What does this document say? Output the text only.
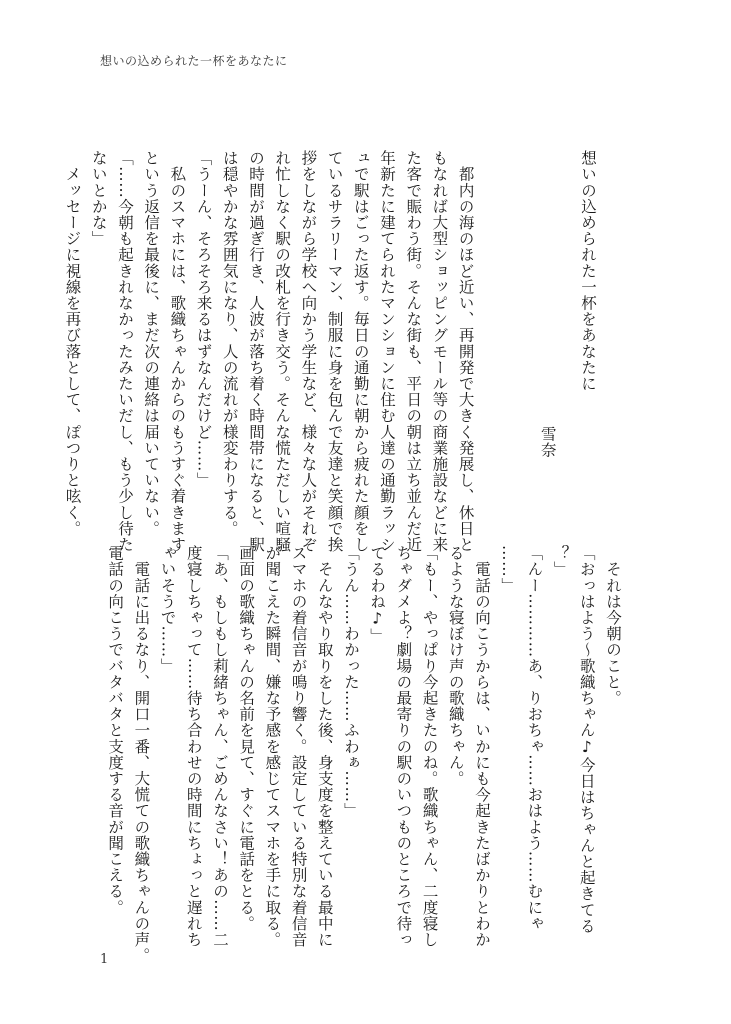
想いの込められた一杯をあなたに
想いの込められた一杯をあなたに
雪奈
　都内の海のほど近い、再開発で大きく発展し、休日と
もなれば大型ショッピングモール等の商業施設などに来
た客で賑わう街。そんな街も、平日の朝は立ち並んだ近
年新たに建てられたマンションに住む人達の通勤ラッシ
ュで駅はごった返す。毎日の通勤に朝から疲れた顔をし
ているサラリーマン、制服に身を包んで友達と笑顔で挨
拶をしながら学校へ向かう学生など、様々な人がそれぞ
れ忙しなく駅の改札を行き交う。そんな慌ただしい喧騒
の時間が過ぎ行き、人波が落ち着く時間帯になると、駅
は穏やかな雰囲気になり、人の流れが様変わりする。
「うーん、そろそろ来るはずなんだけど……」
　私のスマホには、歌織ちゃんからのもうすぐ着きます
という返信を最後に、まだ次の連絡は届いていない。
「……今朝も起きれなかったみたいだし、もう少し待た
ないとかな」
　メッセージに視線を再び落として、ぽつりと呟く。
　それは今朝のこと。
「おっはよう～歌織ちゃん♪今日はちゃんと起きてる
？」
「んー…………あ、りおちゃ……おはよう……むにゃ
……」
　電話の向こうからは、いかにも今起きたばかりとわか
るような寝ぼけ声の歌織ちゃん。
「もー、やっぱり今起きたのね。歌織ちゃん、二度寝し
ちゃダメよ？劇場の最寄りの駅のいつものところで待っ
てるわね♪」
「うん……わかった……ふわぁ……」
　そんなやり取りをした後、身支度を整えている最中に
スマホの着信音が鳴り響く。設定している特別な着信音
が聞こえた瞬間、嫌な予感を感じてスマホを手に取る。
画面の歌織ちゃんの名前を見て、すぐに電話をとる。
「あ、もしもし莉緒ちゃん、ごめんなさい！あの……二
度寝しちゃって……待ち合わせの時間にちょっと遅れち
ゃいそうで……」
　電話に出るなり、開口一番、大慌ての歌織ちゃんの声。
電話の向こうでバタバタと支度する音が聞こえる。
1
